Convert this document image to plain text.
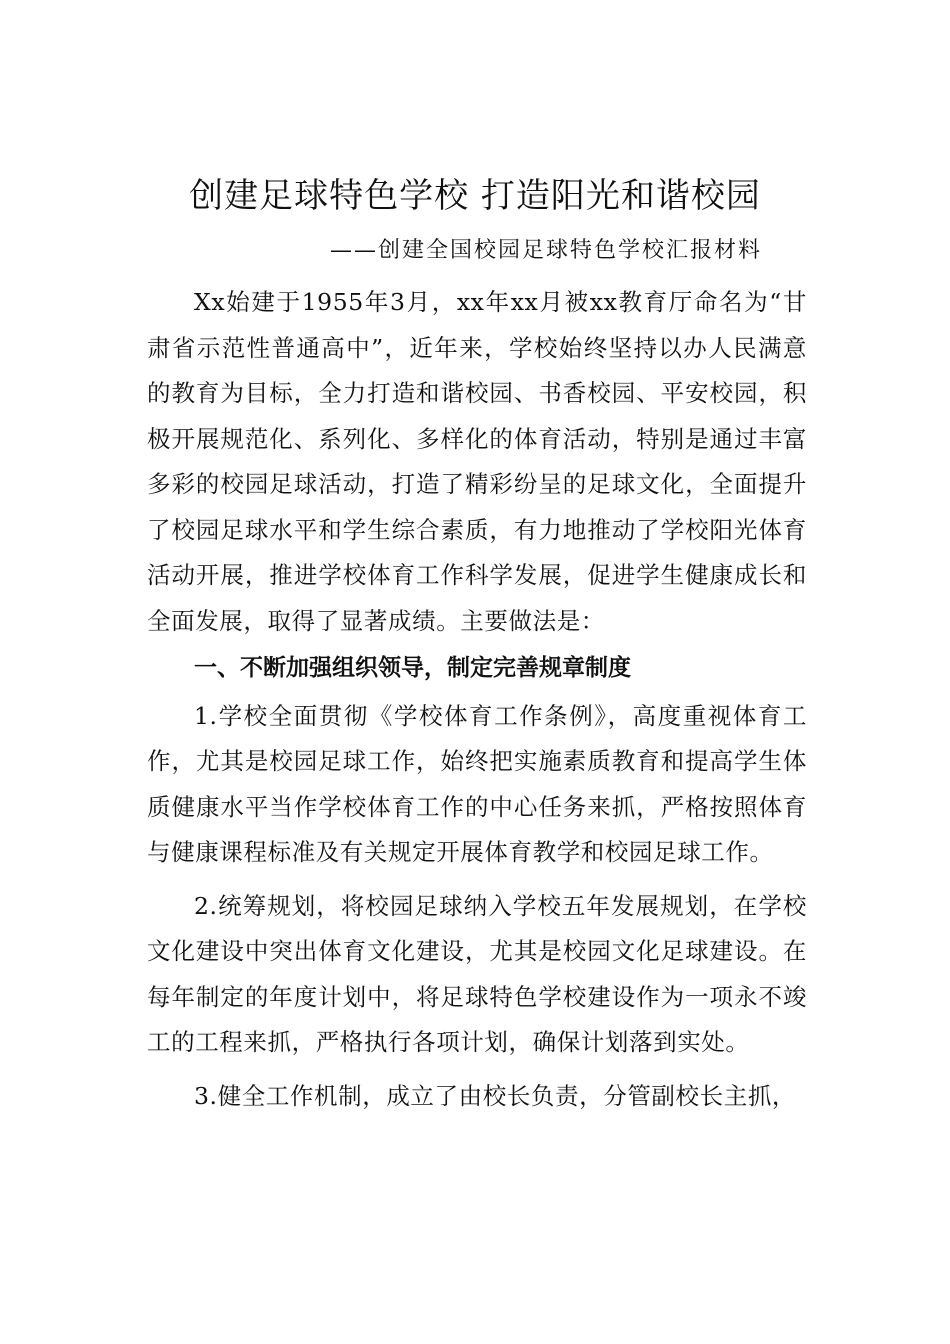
创建足球特色学校 打造阳光和谐校园

——创建全国校园足球特色学校汇报材料

Xx始建于1955年3月，xx年xx月被xx教育厅命名为“甘肃省示范性普通高中”，近年来，学校始终坚持以办人民满意的教育为目标，全力打造和谐校园、书香校园、平安校园，积极开展规范化、系列化、多样化的体育活动，特别是通过丰富多彩的校园足球活动，打造了精彩纷呈的足球文化，全面提升了校园足球水平和学生综合素质，有力地推动了学校阳光体育活动开展，推进学校体育工作科学发展，促进学生健康成长和全面发展，取得了显著成绩。主要做法是：

一、不断加强组织领导，制定完善规章制度

1.学校全面贯彻《学校体育工作条例》，高度重视体育工作，尤其是校园足球工作，始终把实施素质教育和提高学生体质健康水平当作学校体育工作的中心任务来抓，严格按照体育与健康课程标准及有关规定开展体育教学和校园足球工作。

2.统筹规划，将校园足球纳入学校五年发展规划，在学校文化建设中突出体育文化建设，尤其是校园文化足球建设。在每年制定的年度计划中，将足球特色学校建设作为一项永不竣工的工程来抓，严格执行各项计划，确保计划落到实处。

3.健全工作机制，成立了由校长负责，分管副校长主抓，
